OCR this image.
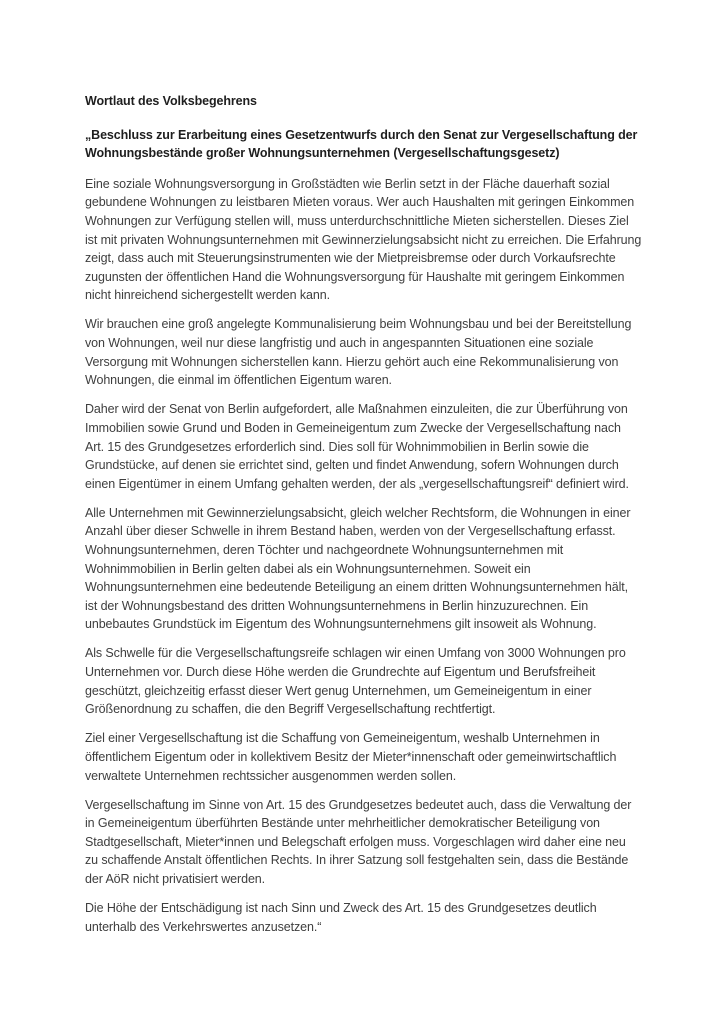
Wortlaut des Volksbegehrens
„Beschluss zur Erarbeitung eines Gesetzentwurfs durch den Senat zur Vergesellschaftung der Wohnungsbestände großer Wohnungsunternehmen (Vergesellschaftungsgesetz)

Eine soziale Wohnungsversorgung in Großstädten wie Berlin setzt in der Fläche dauerhaft sozial gebundene Wohnungen zu leistbaren Mieten voraus. Wer auch Haushalten mit geringen Einkommen Wohnungen zur Verfügung stellen will, muss unterdurchschnittliche Mieten sicherstellen. Dieses Ziel ist mit privaten Wohnungsunternehmen mit Gewinnerzielungsabsicht nicht zu erreichen. Die Erfahrung zeigt, dass auch mit Steuerungsinstrumenten wie der Mietpreisbremse oder durch Vorkaufsrechte zugunsten der öffentlichen Hand die Wohnungsversorgung für Haushalte mit geringem Einkommen nicht hinreichend sichergestellt werden kann.

Wir brauchen eine groß angelegte Kommunalisierung beim Wohnungsbau und bei der Bereitstellung von Wohnungen, weil nur diese langfristig und auch in angespannten Situationen eine soziale Versorgung mit Wohnungen sicherstellen kann. Hierzu gehört auch eine Rekommunalisierung von Wohnungen, die einmal im öffentlichen Eigentum waren.

Daher wird der Senat von Berlin aufgefordert, alle Maßnahmen einzuleiten, die zur Überführung von Immobilien sowie Grund und Boden in Gemeineigentum zum Zwecke der Vergesellschaftung nach Art. 15 des Grundgesetzes erforderlich sind. Dies soll für Wohnimmobilien in Berlin sowie die Grundstücke, auf denen sie errichtet sind, gelten und findet Anwendung, sofern Wohnungen durch einen Eigentümer in einem Umfang gehalten werden, der als „vergesellschaftungsreif“ definiert wird.

Alle Unternehmen mit Gewinnerzielungsabsicht, gleich welcher Rechtsform, die Wohnungen in einer Anzahl über dieser Schwelle in ihrem Bestand haben, werden von der Vergesellschaftung erfasst. Wohnungsunternehmen, deren Töchter und nachgeordnete Wohnungsunternehmen mit Wohnimmobilien in Berlin gelten dabei als ein Wohnungsunternehmen. Soweit ein Wohnungsunternehmen eine bedeutende Beteiligung an einem dritten Wohnungsunternehmen hält, ist der Wohnungsbestand des dritten Wohnungsunternehmens in Berlin hinzuzurechnen. Ein unbebautes Grundstück im Eigentum des Wohnungsunternehmens gilt insoweit als Wohnung.

Als Schwelle für die Vergesellschaftungsreife schlagen wir einen Umfang von 3000 Wohnungen pro Unternehmen vor. Durch diese Höhe werden die Grundrechte auf Eigentum und Berufsfreiheit geschützt, gleichzeitig erfasst dieser Wert genug Unternehmen, um Gemeineigentum in einer Größenordnung zu schaffen, die den Begriff Vergesellschaftung rechtfertigt.

Ziel einer Vergesellschaftung ist die Schaffung von Gemeineigentum, weshalb Unternehmen in öffentlichem Eigentum oder in kollektivem Besitz der Mieter*innenschaft oder gemeinwirtschaftlich verwaltete Unternehmen rechtssicher ausgenommen werden sollen.

Vergesellschaftung im Sinne von Art. 15 des Grundgesetzes bedeutet auch, dass die Verwaltung der in Gemeineigentum überführten Bestände unter mehrheitlicher demokratischer Beteiligung von Stadtgesellschaft, Mieter*innen und Belegschaft erfolgen muss. Vorgeschlagen wird daher eine neu zu schaffende Anstalt öffentlichen Rechts. In ihrer Satzung soll festgehalten sein, dass die Bestände der AöR nicht privatisiert werden.

Die Höhe der Entschädigung ist nach Sinn und Zweck des Art. 15 des Grundgesetzes deutlich unterhalb des Verkehrswertes anzusetzen.“
